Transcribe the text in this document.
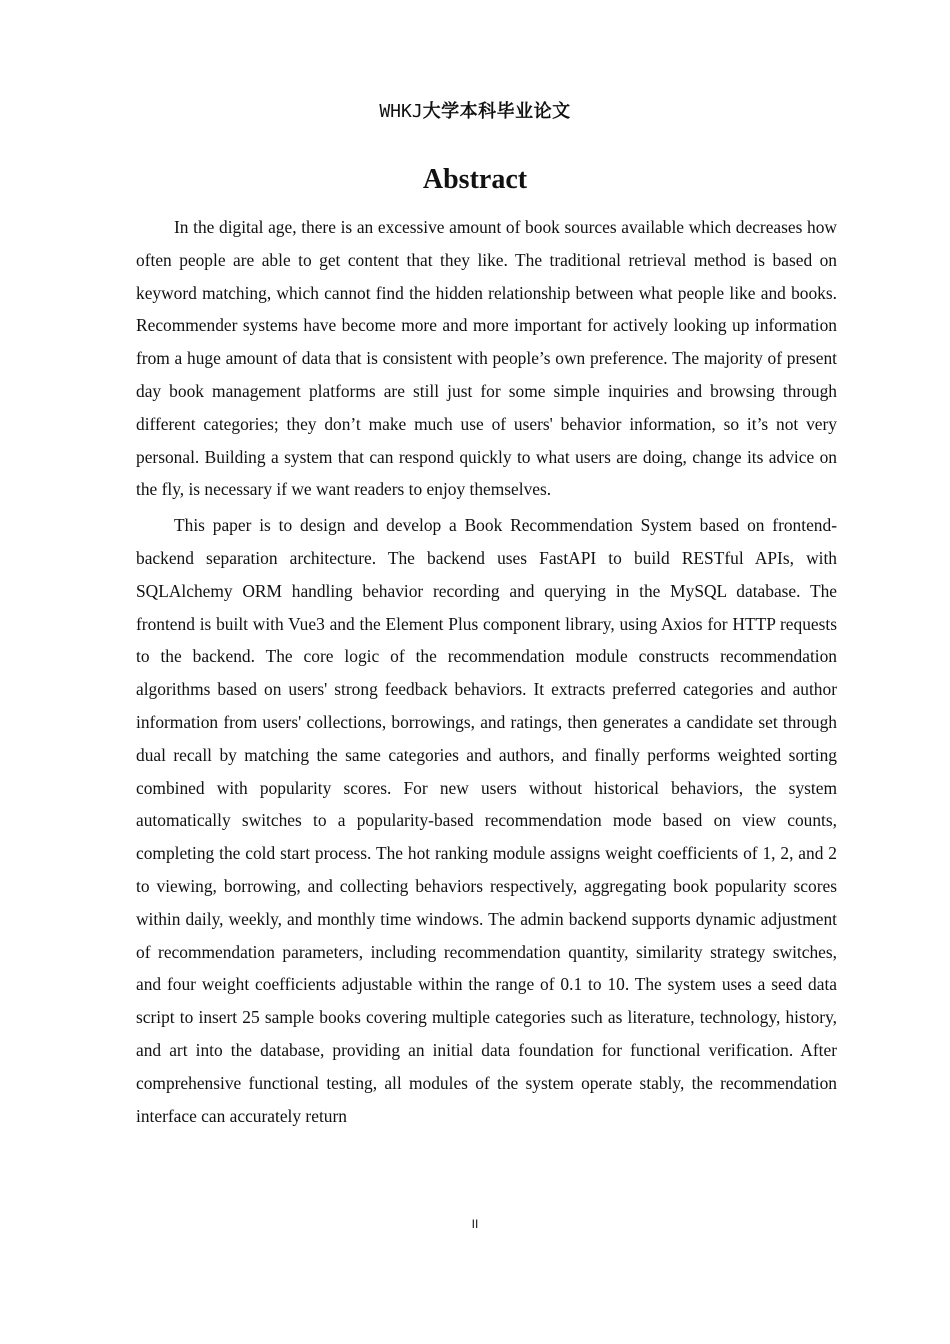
WHKJ大学本科毕业论文
Abstract

In the digital age, there is an excessive amount of book sources available which decreases how often people are able to get content that they like. The traditional retrieval method is based on keyword matching, which cannot find the hidden relationship between what people like and books. Recommender systems have become more and more important for actively looking up information from a huge amount of data that is consistent with people’s own preference. The majority of present day book management platforms are still just for some simple inquiries and browsing through different categories; they don’t make much use of users' behavior information, so it’s not very personal. Building a system that can respond quickly to what users are doing, change its advice on the fly, is necessary if we want readers to enjoy themselves.

This paper is to design and develop a Book Recommendation System based on frontend-backend separation architecture. The backend uses FastAPI to build RESTful APIs, with SQLAlchemy ORM handling behavior recording and querying in the MySQL database. The frontend is built with Vue3 and the Element Plus component library, using Axios for HTTP requests to the backend. The core logic of the recommendation module constructs recommendation algorithms based on users' strong feedback behaviors. It extracts preferred categories and author information from users' collections, borrowings, and ratings, then generates a candidate set through dual recall by matching the same categories and authors, and finally performs weighted sorting combined with popularity scores. For new users without historical behaviors, the system automatically switches to a popularity-based recommendation mode based on view counts, completing the cold start process. The hot ranking module assigns weight coefficients of 1, 2, and 2 to viewing, borrowing, and collecting behaviors respectively, aggregating book popularity scores within daily, weekly, and monthly time windows. The admin backend supports dynamic adjustment of recommendation parameters, including recommendation quantity, similarity strategy switches, and four weight coefficients adjustable within the range of 0.1 to 10. The system uses a seed data script to insert 25 sample books covering multiple categories such as literature, technology, history, and art into the database, providing an initial data foundation for functional verification. After comprehensive functional testing, all modules of the system operate stably, the recommendation interface can accurately return

II
